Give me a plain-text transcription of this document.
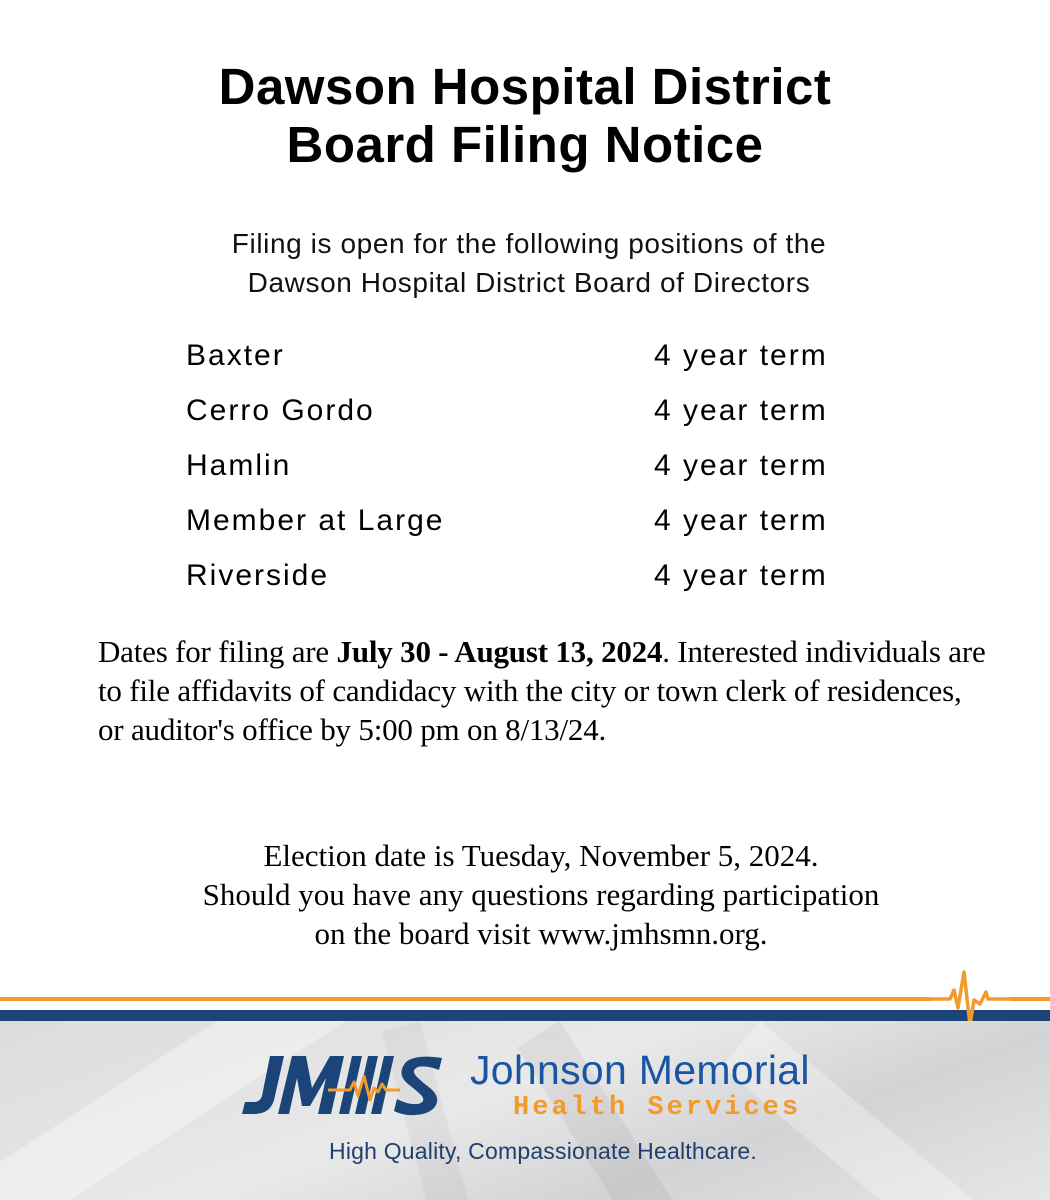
Dawson Hospital District
Board Filing Notice
Filing is open for the following positions of the
Dawson Hospital District Board of Directors
Baxter	4 year term
Cerro Gordo	4 year term
Hamlin	4 year term
Member at Large	4 year term
Riverside	4 year term

Dates for filing are July 30 - August 13, 2024. Interested individuals are to file affidavits of candidacy with the city or town clerk of residences, or auditor's office by 5:00 pm on 8/13/24.

Election date is Tuesday, November 5, 2024.
Should you have any questions regarding participation
on the board visit www.jmhsmn.org.
Johnson Memorial
Health Services
High Quality, Compassionate Healthcare.
